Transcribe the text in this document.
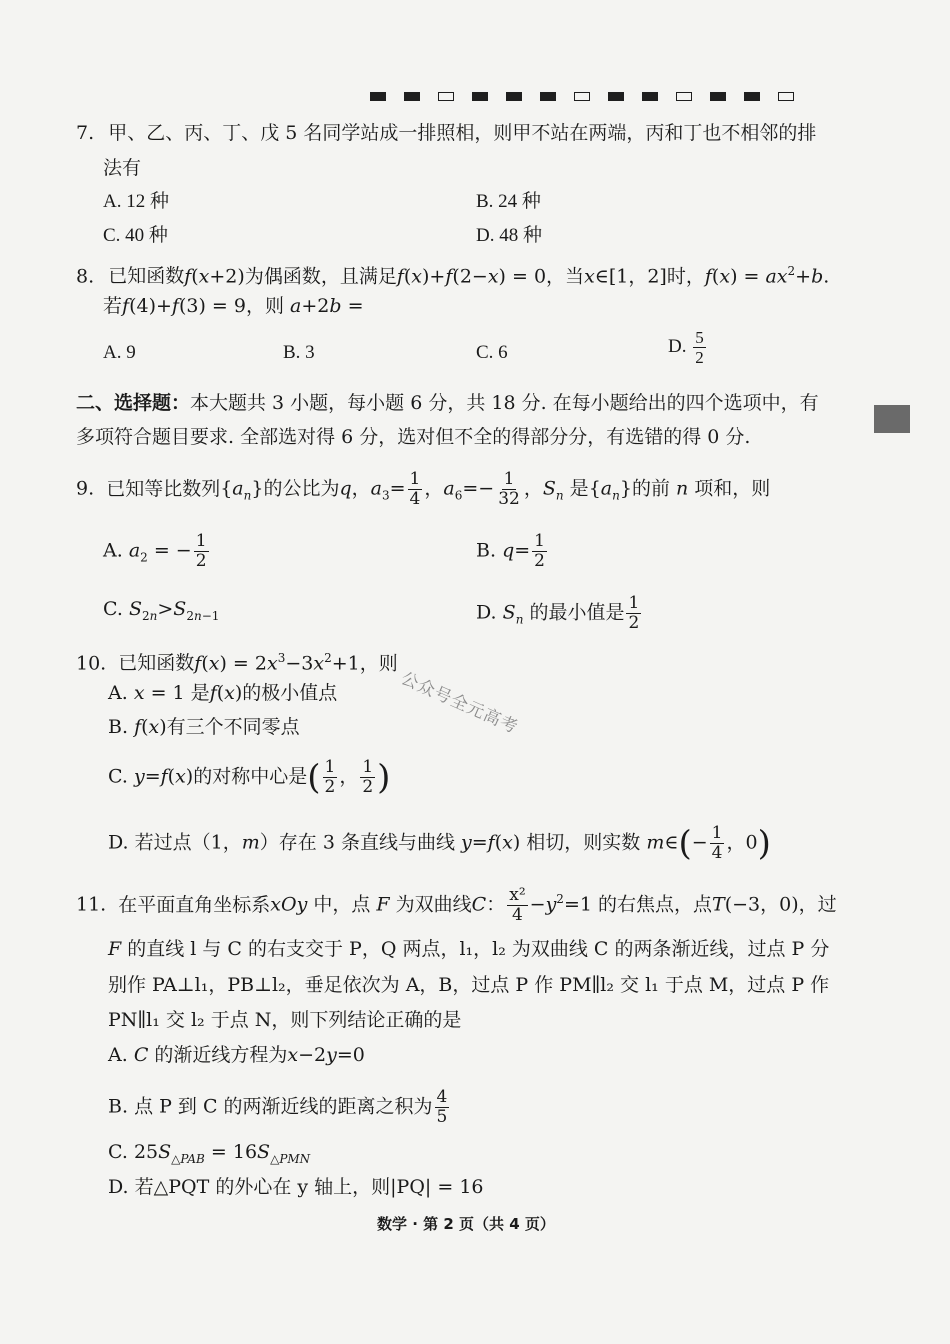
7. 甲、乙、丙、丁、戊 5 名同学站成一排照相，则甲不站在两端，丙和丁也不相邻的排
法有
A. 12 种	B. 24 种
C. 40 种	D. 48 种
8. 已知函数f(x+2)为偶函数，且满足f(x)+f(2−x) = 0，当x∈[1，2]时，$f(x) = ax^2+b$.
若f(4)+f(3) = 9，则 a+2b =
A. 9	B. 3	C. 6	D. $\frac{5}{2}$
二、选择题：本大题共 3 小题，每小题 6 分，共 18 分. 在每小题给出的四个选项中，有
多项符合题目要求. 全部选对得 6 分，选对但不全的得部分分，有选错的得 0 分.
9. 已知等比数列$\{a_n\}$的公比为q，$a_3= \frac{1}{4}$ ，$a_6=- \frac{1}{32}$ ，$S_n$ 是$\{a_n\}$的前 n 项和，则
A. $a_2$ = − $\frac{1}{2}$	B. $q= \frac{1}{2}$
C. $S_{2n}>S_{2n-1}$	D. $S_n$ 的最小值是 $\frac{1}{2}$
10. 已知函数$f(x) = 2x^3-3x^2+1$，则
A. x = 1 是f(x)的极小值点
B. f(x)有三个不同零点
C. y=f(x)的对称中心是( $\frac{1}{2}$ ， $\frac{1}{2}$ )
D. 若过点（1，m）存在 3 条直线与曲线 y=f(x) 相切，则实数 m∈(− $\frac{1}{4}$ ，0)
公众号全元高考
11. 在平面直角坐标系xOy 中，点 F 为双曲线C： $\frac{\text{x²}}{4} -y^2=1$ 的右焦点，点T(−3，0)，过
F 的直线 l 与 C 的右支交于 P，Q 两点，l₁，l₂ 为双曲线 C 的两条渐近线，过点 P 分
别作 PA⊥l₁，PB⊥l₂，垂足依次为 A，B，过点 P 作 PM∥l₂ 交 l₁ 于点 M，过点 P 作
PN∥l₁ 交 l₂ 于点 N，则下列结论正确的是
A. C 的渐近线方程为x−2y=0
B. 点 P 到 C 的两渐近线的距离之积为 $\frac{4}{5}$
C. $25S_{\triangle PAB} = 16S_{\triangle PMN}$
D. 若△PQT 的外心在 y 轴上，则|PQ| = 16
数学 · 第 2 页（共 4 页）
